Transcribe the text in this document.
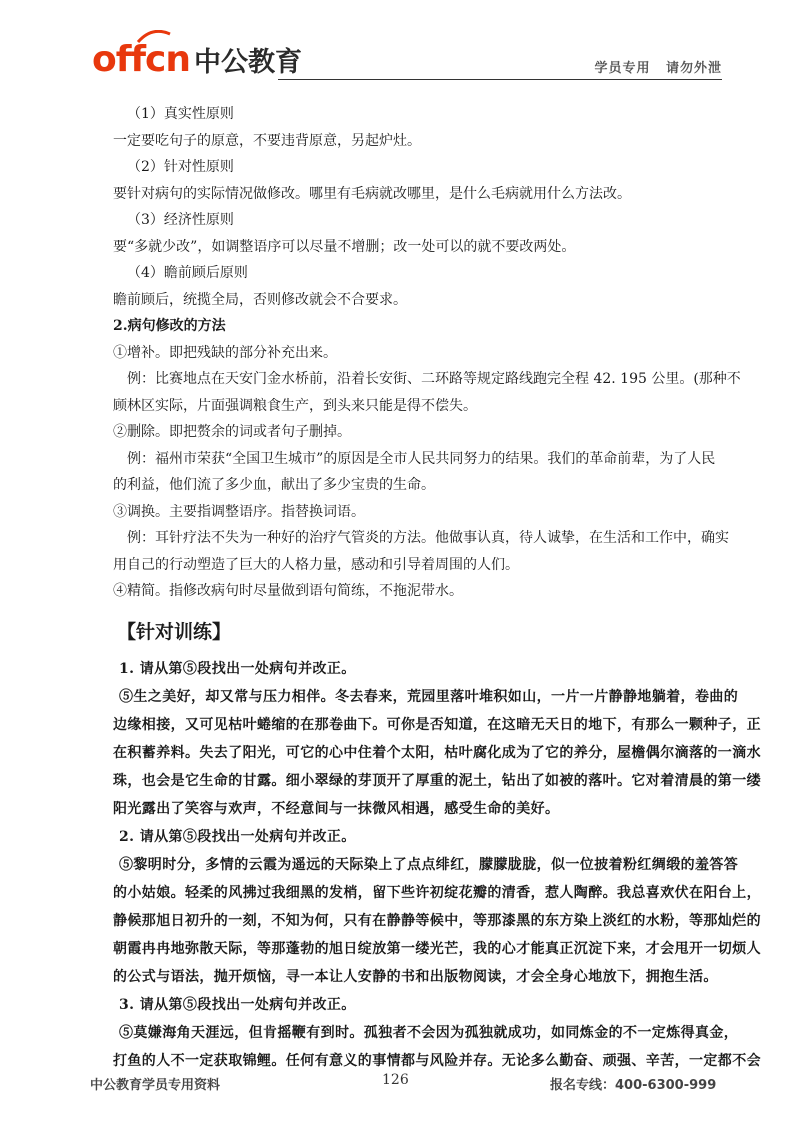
offcn 中公教育	学员专用 请勿外泄
（1）真实性原则
一定要吃句子的原意，不要违背原意，另起炉灶。
（2）针对性原则
要针对病句的实际情况做修改。哪里有毛病就改哪里，是什么毛病就用什么方法改。
（3）经济性原则
要“多就少改”，如调整语序可以尽量不增删；改一处可以的就不要改两处。
（4）瞻前顾后原则
瞻前顾后，统揽全局，否则修改就会不合要求。
2.病句修改的方法
①增补。即把残缺的部分补充出来。
例：比赛地点在天安门金水桥前，沿着长安街、二环路等规定路线跑完全程 42. 195 公里。(那种不
顾林区实际，片面强调粮食生产，到头来只能是得不偿失。
②删除。即把赘余的词或者句子删掉。
例：福州市荣获“全国卫生城市”的原因是全市人民共同努力的结果。我们的革命前辈，为了人民
的利益，他们流了多少血，献出了多少宝贵的生命。
③调换。主要指调整语序。指替换词语。
例：耳针疗法不失为一种好的治疗气管炎的方法。他做事认真，待人诚挚，在生活和工作中，确实
用自己的行动塑造了巨大的人格力量，感动和引导着周围的人们。
④精简。指修改病句时尽量做到语句简练，不拖泥带水。
【针对训练】
1. 请从第⑤段找出一处病句并改正。
⑤生之美好，却又常与压力相伴。冬去春来，荒园里落叶堆积如山，一片一片静静地躺着，卷曲的
边缘相接，又可见枯叶蜷缩的在那卷曲下。可你是否知道，在这暗无天日的地下，有那么一颗种子，正
在积蓄养料。失去了阳光，可它的心中住着个太阳，枯叶腐化成为了它的养分，屋檐偶尔滴落的一滴水
珠，也会是它生命的甘露。细小翠绿的芽顶开了厚重的泥土，钻出了如被的落叶。它对着清晨的第一缕
阳光露出了笑容与欢声，不经意间与一抹微风相遇，感受生命的美好。
2. 请从第⑤段找出一处病句并改正。
⑤黎明时分，多情的云霞为遥远的天际染上了点点绯红，朦朦胧胧，似一位披着粉红绸缎的羞答答
的小姑娘。轻柔的风拂过我细黑的发梢，留下些许初绽花瓣的清香，惹人陶醉。我总喜欢伏在阳台上，
静候那旭日初升的一刻，不知为何，只有在静静等候中，等那漆黑的东方染上淡红的水粉，等那灿烂的
朝霞冉冉地弥散天际，等那蓬勃的旭日绽放第一缕光芒，我的心才能真正沉淀下来，才会甩开一切烦人
的公式与语法，抛开烦恼，寻一本让人安静的书和出版物阅读，才会全身心地放下，拥抱生活。
3. 请从第⑤段找出一处病句并改正。
⑤莫嫌海角天涯远，但肯摇鞭有到时。孤独者不会因为孤独就成功，如同炼金的不一定炼得真金，
打鱼的人不一定获取锦鲤。任何有意义的事情都与风险并存。无论多么勤奋、顽强、辛苦，一定都不会
中公教育学员专用资料	126	报名专线：400-6300-999
